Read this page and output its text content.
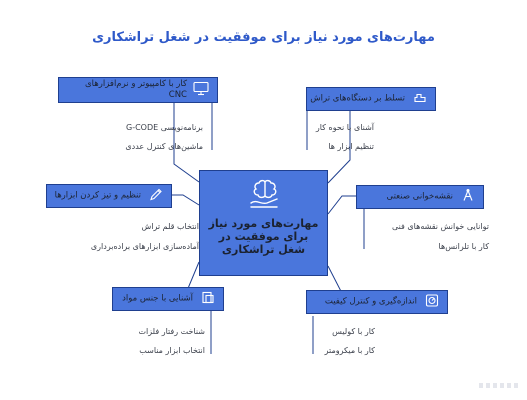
مهارت‌های مورد نیاز برای موفقیت در شغل تراشکاری
مهارت‌های مورد نیاز برای موفقیت در شغل تراشکاری
کار با کامپیوتر و نرم‌افزارهای CNC
برنامه‌نویسی G-CODE
ماشین‌های کنترل عددی
تنظیم و تیز کردن ابزارها
انتخاب قلم تراش
آماده‌سازی ابزارهای براده‌برداری
آشنایی با جنس مواد
شناخت رفتار فلزات
انتخاب ابزار مناسب
تسلط بر دستگاه‌های تراش
آشنای با نحوه کار
تنظیم ابزار ها
نقشه‌خوانی صنعتی
توانایی خوانش نقشه‌های فنی
کار با تلرانس‌ها
اندازه‌گیری و کنترل کیفیت
کار با کولیس
کار با میکرومتر
